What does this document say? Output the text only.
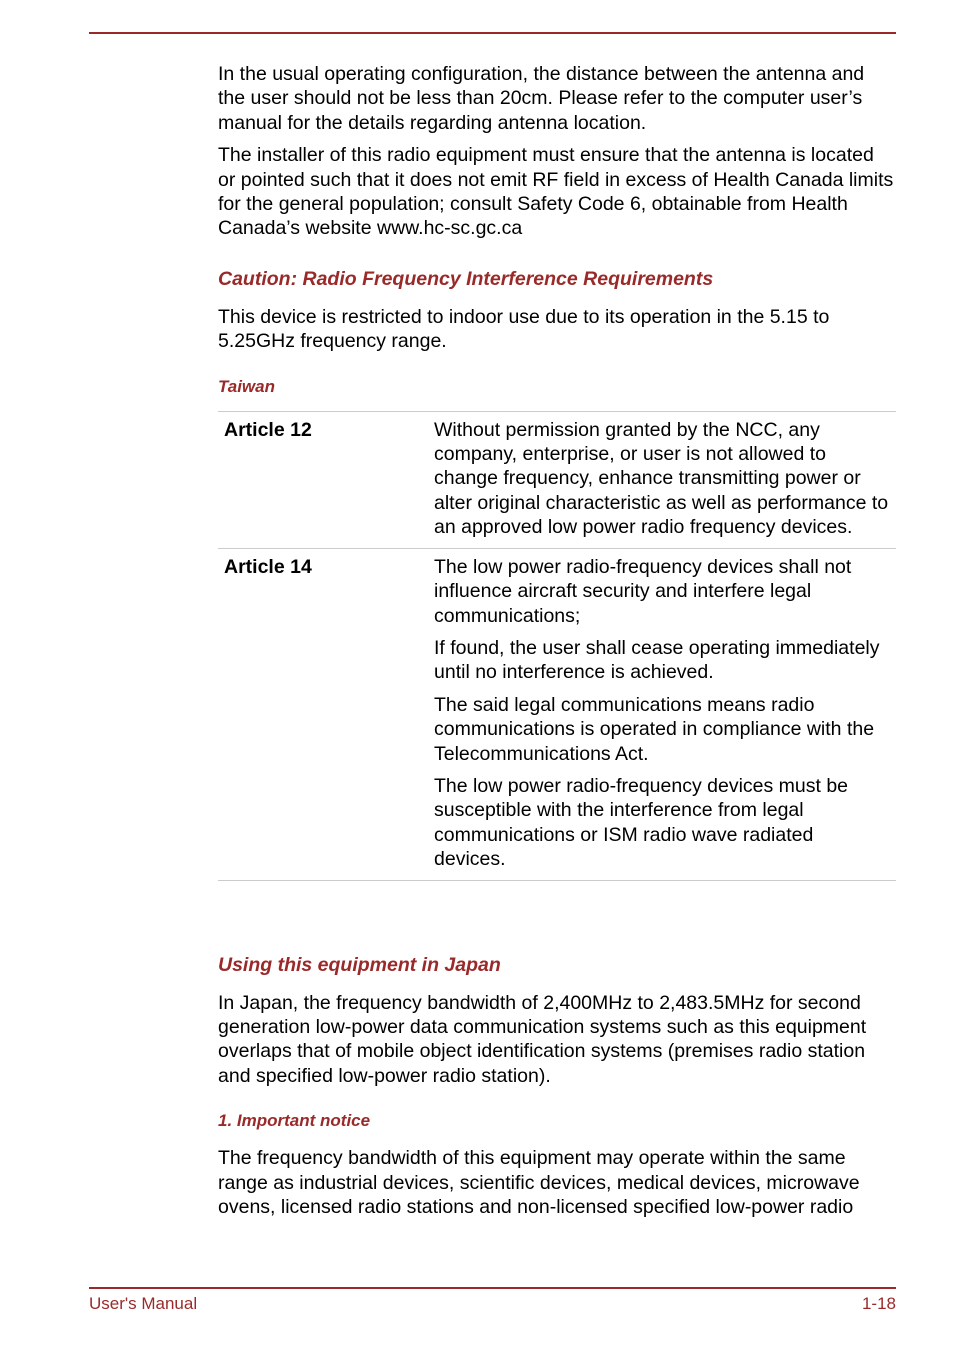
In the usual operating configuration, the distance between the antenna and the user should not be less than 20cm. Please refer to the computer user’s manual for the details regarding antenna location.

The installer of this radio equipment must ensure that the antenna is located or pointed such that it does not emit RF field in excess of Health Canada limits for the general population; consult Safety Code 6, obtainable from Health Canada’s website www.hc-sc.gc.ca

Caution: Radio Frequency Interference Requirements

This device is restricted to indoor use due to its operation in the 5.15 to 5.25GHz frequency range.

Taiwan
Article 12	Without permission granted by the NCC, any company, enterprise, or user is not allowed to change frequency, enhance transmitting power or alter original characteristic as well as performance to an approved low power radio frequency devices.

Article 14	The low power radio-frequency devices shall not influence aircraft security and interfere legal communications;

If found, the user shall cease operating immediately until no interference is achieved.

The said legal communications means radio communications is operated in compliance with the Telecommunications Act.

The low power radio-frequency devices must be susceptible with the interference from legal communications or ISM radio wave radiated devices.

Using this equipment in Japan

In Japan, the frequency bandwidth of 2,400MHz to 2,483.5MHz for second generation low-power data communication systems such as this equipment overlaps that of mobile object identification systems (premises radio station and specified low-power radio station).

1. Important notice

The frequency bandwidth of this equipment may operate within the same range as industrial devices, scientific devices, medical devices, microwave ovens, licensed radio stations and non-licensed specified low-power radio

User's Manual	1-18
